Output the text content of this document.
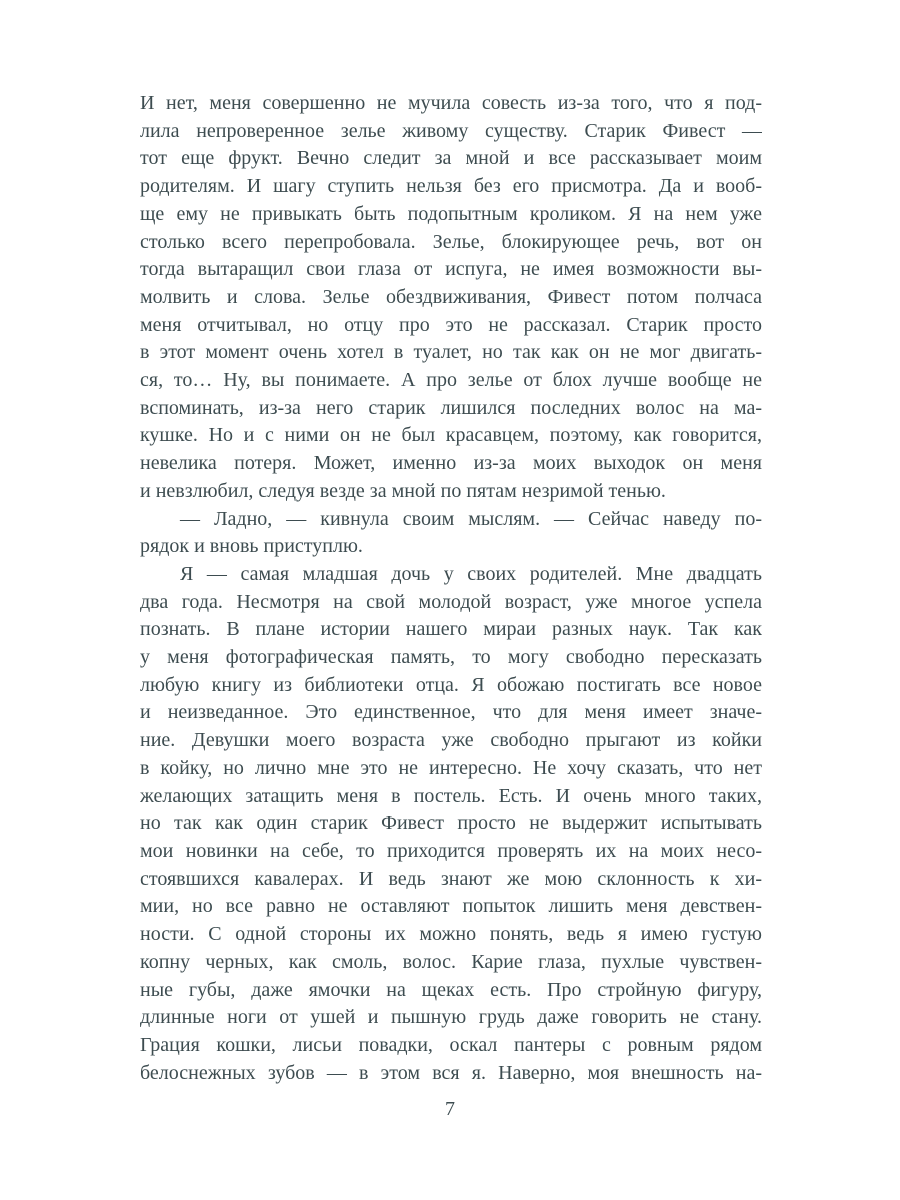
И нет, меня совершенно не мучила совесть из-за того, что я под-
лила непроверенное зелье живому существу. Старик Фивест —
тот еще фрукт. Вечно следит за мной и все рассказывает моим
родителям. И шагу ступить нельзя без его присмотра. Да и вооб-
ще ему не привыкать быть подопытным кроликом. Я на нем уже
столько всего перепробовала. Зелье, блокирующее речь, вот он
тогда вытаращил свои глаза от испуга, не имея возможности вы-
молвить и слова. Зелье обездвиживания, Фивест потом полчаса
меня отчитывал, но отцу про это не рассказал. Старик просто
в этот момент очень хотел в туалет, но так как он не мог двигать-
ся, то… Ну, вы понимаете. А про зелье от блох лучше вообще не
вспоминать, из-за него старик лишился последних волос на ма-
кушке. Но и с ними он не был красавцем, поэтому, как говорится,
невелика потеря. Может, именно из-за моих выходок он меня
и невзлюбил, следуя везде за мной по пятам незримой тенью.
— Ладно, — кивнула своим мыслям. — Сейчас наведу по-
рядок и вновь приступлю.
Я — самая младшая дочь у своих родителей. Мне двадцать
два года. Несмотря на свой молодой возраст, уже многое успела
познать. В плане истории нашего мираи разных наук. Так как
у меня фотографическая память, то могу свободно пересказать
любую книгу из библиотеки отца. Я обожаю постигать все новое
и неизведанное. Это единственное, что для меня имеет значе-
ние. Девушки моего возраста уже свободно прыгают из койки
в койку, но лично мне это не интересно. Не хочу сказать, что нет
желающих затащить меня в постель. Есть. И очень много таких,
но так как один старик Фивест просто не выдержит испытывать
мои новинки на себе, то приходится проверять их на моих несо-
стоявшихся кавалерах. И ведь знают же мою склонность к хи-
мии, но все равно не оставляют попыток лишить меня девствен-
ности. С одной стороны их можно понять, ведь я имею густую
копну черных, как смоль, волос. Карие глаза, пухлые чувствен-
ные губы, даже ямочки на щеках есть. Про стройную фигуру,
длинные ноги от ушей и пышную грудь даже говорить не стану.
Грация кошки, лисьи повадки, оскал пантеры с ровным рядом
белоснежных зубов — в этом вся я. Наверно, моя внешность на-
7
